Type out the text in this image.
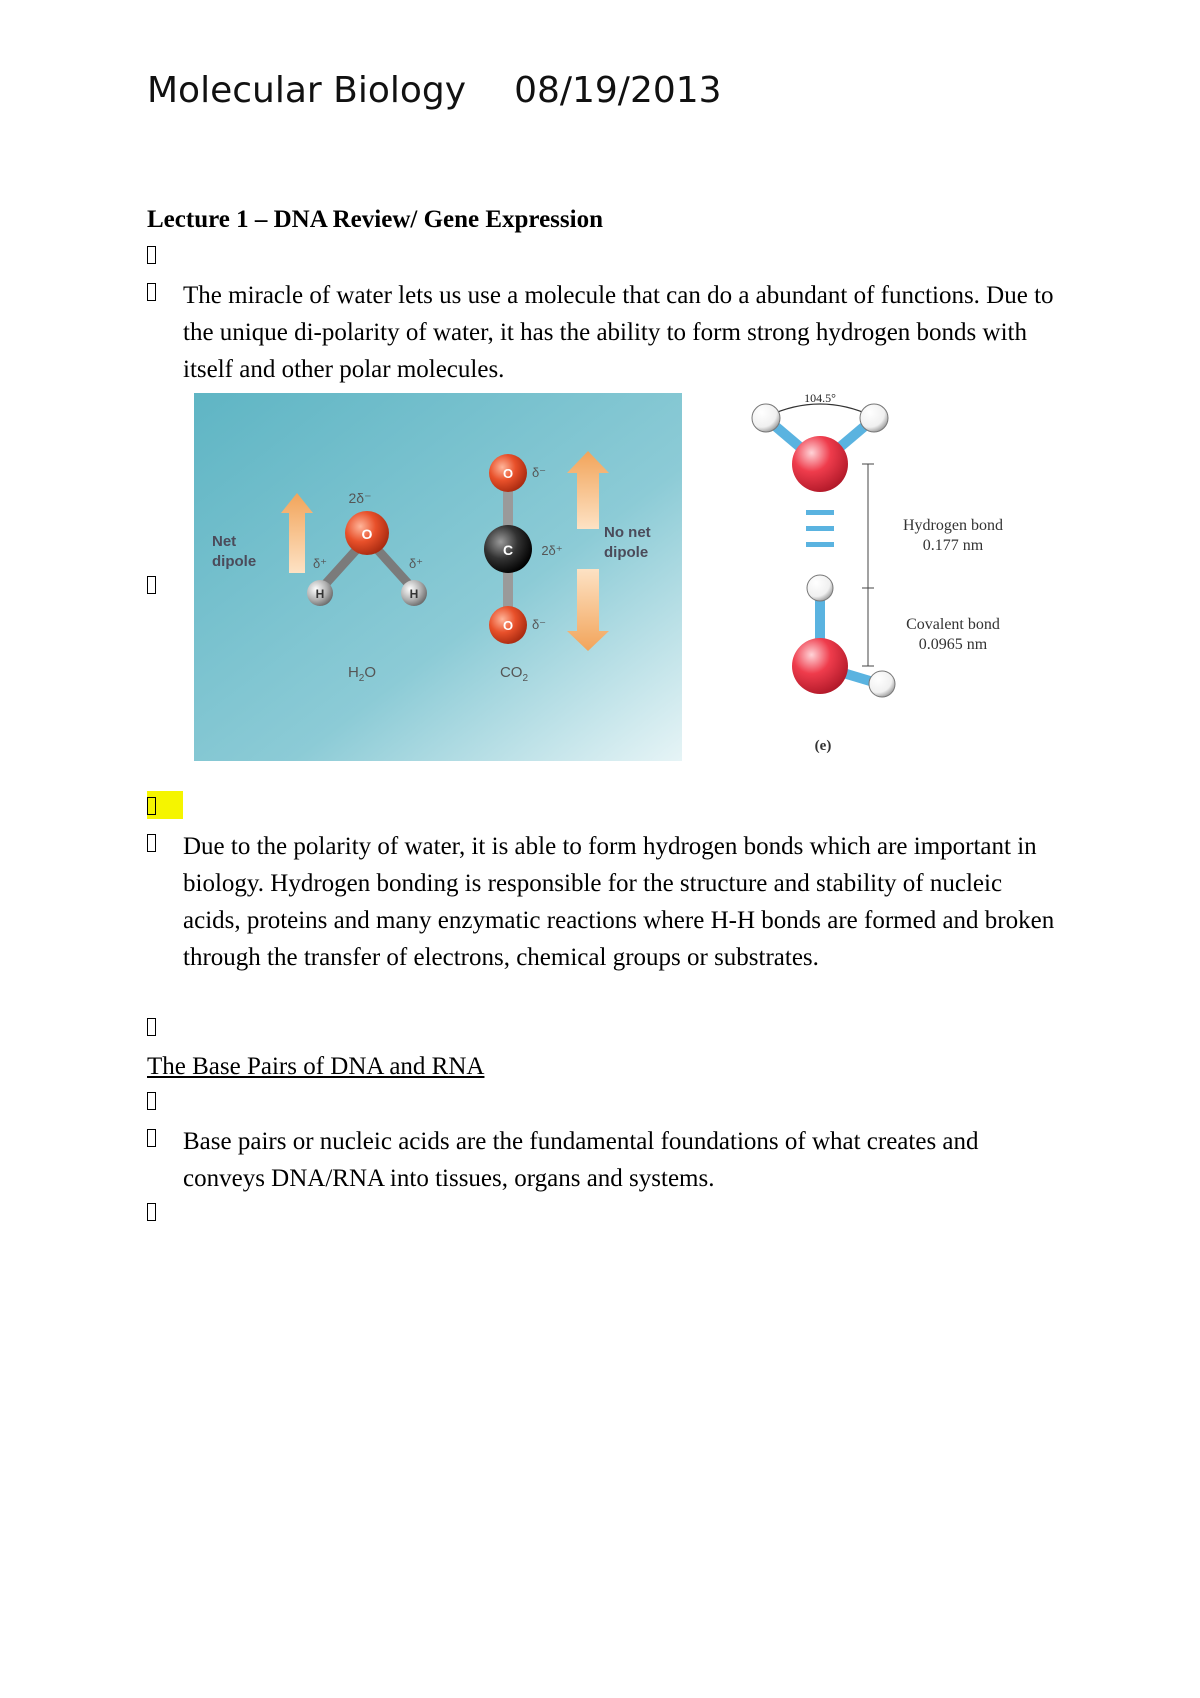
Molecular Biology 08/19/2013
Lecture 1 – DNA Review/ Gene Expression
The miracle of water lets us use a molecule that can do a abundant of functions. Due to the unique di-polarity of water, it has the ability to form strong hydrogen bonds with itself and other polar molecules.
Net
dipole
O
H	H
2δ⁻
δ⁺	δ⁺
$H_2O$
O
C
O
δ⁻
2δ⁺
δ⁻
$CO_2$
No net
dipole
104.5°
Hydrogen bond
0.177 nm
Covalent bond
0.0965 nm
(e)
Due to the polarity of water, it is able to form hydrogen bonds which are important in biology. Hydrogen bonding is responsible for the structure and stability of nucleic acids, proteins and many enzymatic reactions where H-H bonds are formed and broken through the transfer of electrons, chemical groups or substrates.
The Base Pairs of DNA and RNA
Base pairs or nucleic acids are the fundamental foundations of what creates and conveys DNA/RNA into tissues, organs and systems.
